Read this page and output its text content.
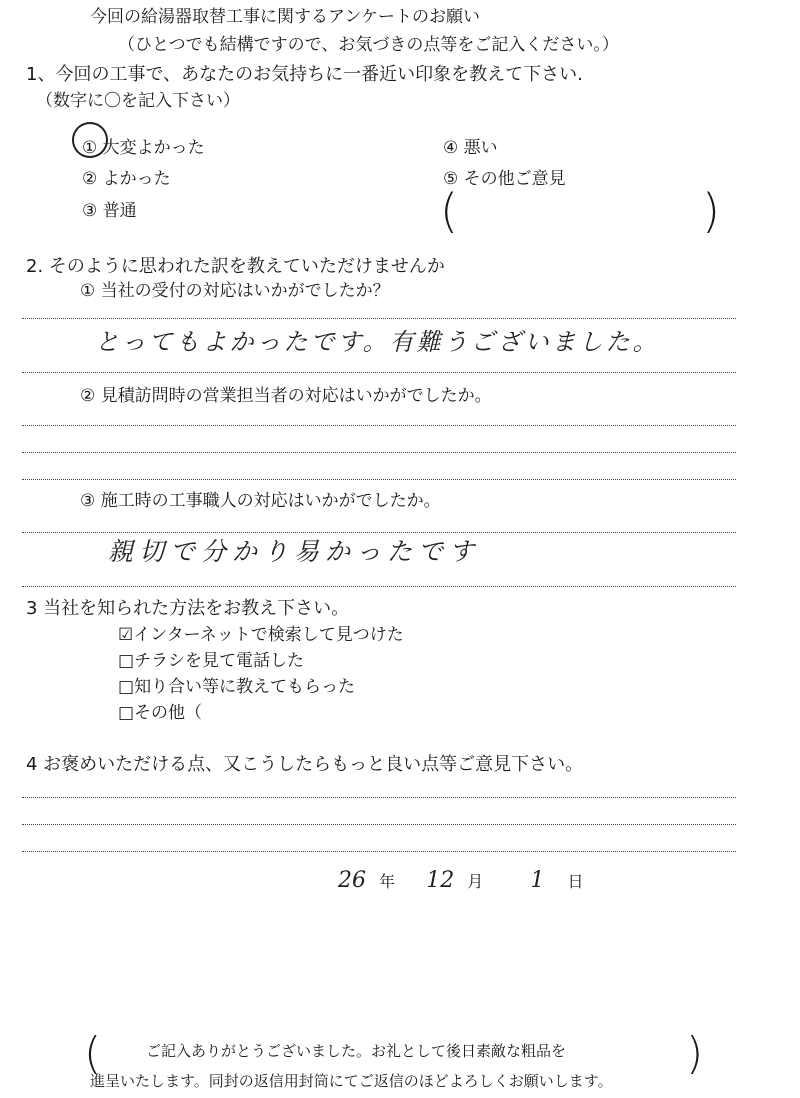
今回の給湯器取替工事に関するアンケートのお願い
（ひとつでも結構ですので、お気づきの点等をご記入ください。）
1、今回の工事で、あなたのお気持ちに一番近い印象を教えて下さい.
（数字に〇を記入下さい）
① 大変よかった
② よかった
③ 普通
④ 悪い
⑤ その他ご意見
(	)
2. そのように思われた訳を教えていただけませんか
① 当社の受付の対応はいかがでしたか？
とってもよかったです。有難うございました。
② 見積訪問時の営業担当者の対応はいかがでしたか。
③ 施工時の工事職人の対応はいかがでしたか。
親切で分かり易かったです
3 当社を知られた方法をお教え下さい。
☑インターネットで検索して見つけた
□チラシを見て電話した
□知り合い等に教えてもらった
□その他（
4 お褒めいただける点、又こうしたらもっと良い点等ご意見下さい。
26 年 12 月 1 日
(	ご記入ありがとうございました。お礼として後日素敵な粗品を
進呈いたします。同封の返信用封筒にてご返信のほどよろしくお願いします。
)
